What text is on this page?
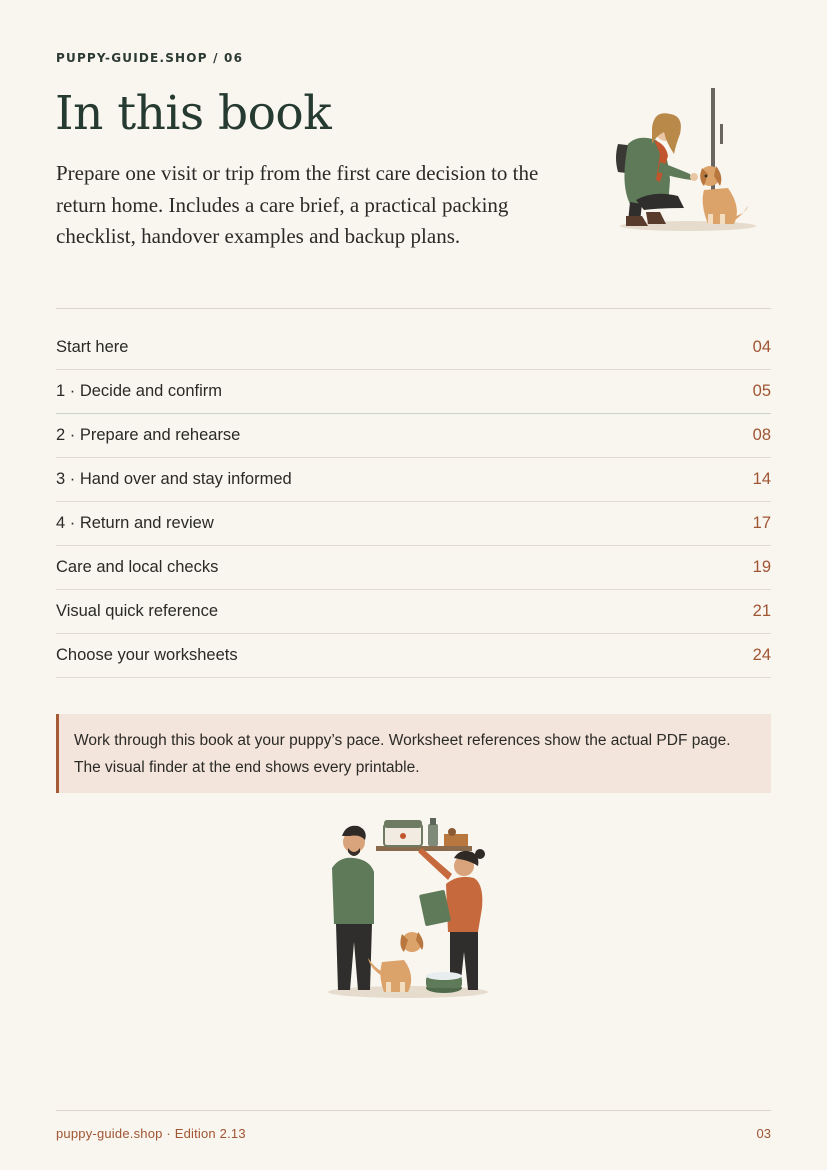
PUPPY-GUIDE.SHOP / 06
In this book

Prepare one visit or trip from the first care decision to the return home. Includes a care brief, a practical packing checklist, handover examples and backup plans.

Start here	04
1 · Decide and confirm	05
2 · Prepare and rehearse	08
3 · Hand over and stay informed	14
4 · Return and review	17
Care and local checks	19
Visual quick reference	21
Choose your worksheets	24
Work through this book at your puppy’s pace. Worksheet references show the actual PDF page. The visual finder at the end shows every printable.
puppy-guide.shop · Edition 2.13	03
